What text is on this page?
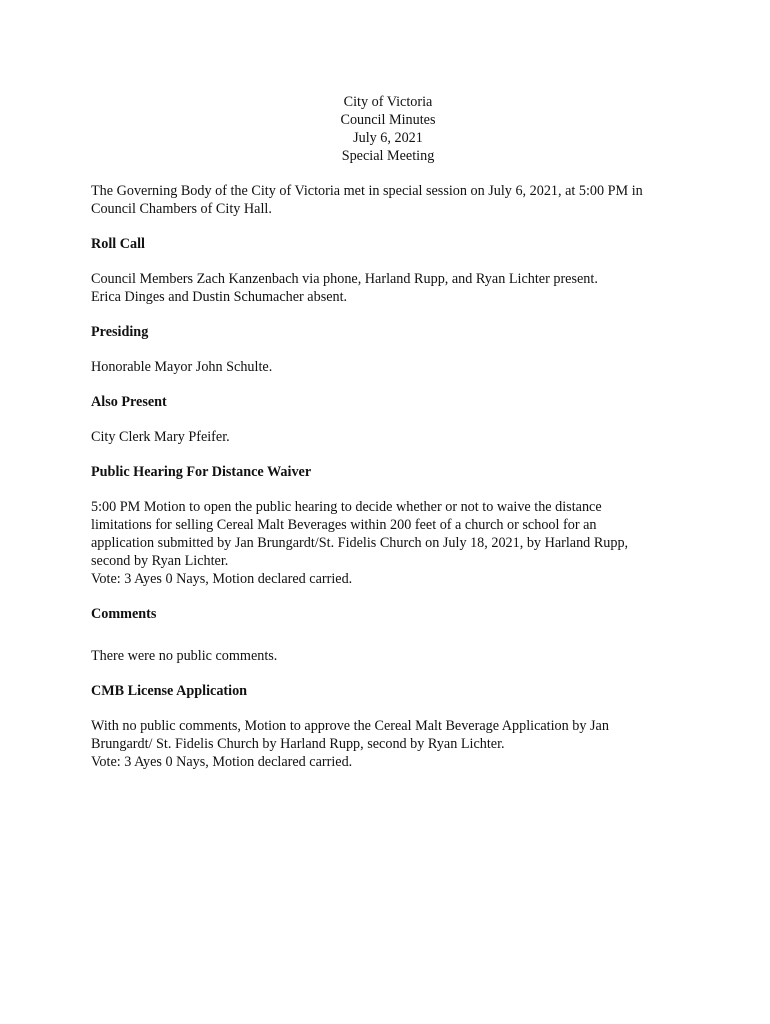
City of Victoria
Council Minutes
July 6, 2021
Special Meeting

The Governing Body of the City of Victoria met in special session on July 6, 2021, at 5:00 PM in
Council Chambers of City Hall.

Roll Call

Council Members Zach Kanzenbach via phone, Harland Rupp, and Ryan Lichter present.
Erica Dinges and Dustin Schumacher absent.

Presiding

Honorable Mayor John Schulte.

Also Present

City Clerk Mary Pfeifer.

Public Hearing For Distance Waiver

5:00 PM Motion to open the public hearing to decide whether or not to waive the distance
limitations for selling Cereal Malt Beverages within 200 feet of a church or school for an
application submitted by Jan Brungardt/St. Fidelis Church on July 18, 2021, by Harland Rupp,
second by Ryan Lichter.
Vote: 3 Ayes 0 Nays, Motion declared carried.

Comments

There were no public comments.

CMB License Application

With no public comments, Motion to approve the Cereal Malt Beverage Application by Jan
Brungardt/ St. Fidelis Church by Harland Rupp, second by Ryan Lichter.
Vote: 3 Ayes 0 Nays, Motion declared carried.
